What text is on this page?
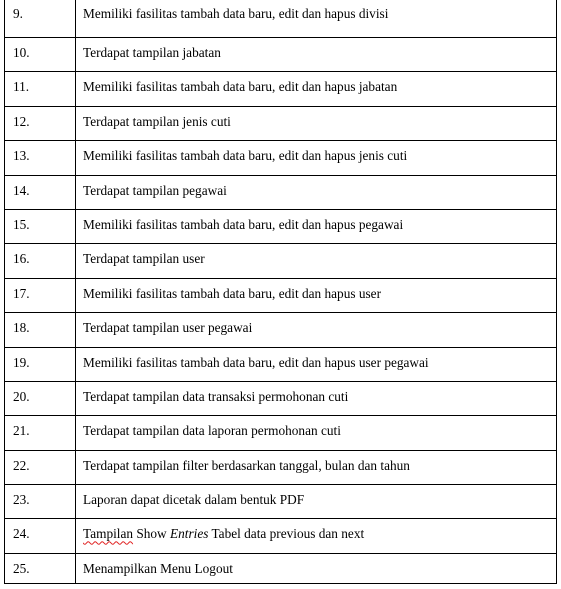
9.	Memiliki fasilitas tambah data baru, edit dan hapus divisi
10.	Terdapat tampilan jabatan
11.	Memiliki fasilitas tambah data baru, edit dan hapus jabatan
12.	Terdapat tampilan jenis cuti
13.	Memiliki fasilitas tambah data baru, edit dan hapus jenis cuti
14.	Terdapat tampilan pegawai
15.	Memiliki fasilitas tambah data baru, edit dan hapus pegawai
16.	Terdapat tampilan user
17.	Memiliki fasilitas tambah data baru, edit dan hapus user
18.	Terdapat tampilan user pegawai
19.	Memiliki fasilitas tambah data baru, edit dan hapus user pegawai
20.	Terdapat tampilan data transaksi permohonan cuti
21.	Terdapat tampilan data laporan permohonan cuti
22.	Terdapat tampilan filter berdasarkan tanggal, bulan dan tahun
23.	Laporan dapat dicetak dalam bentuk PDF
24.	Tampilan Show Entries Tabel data previous dan next
25.	Menampilkan Menu Logout
